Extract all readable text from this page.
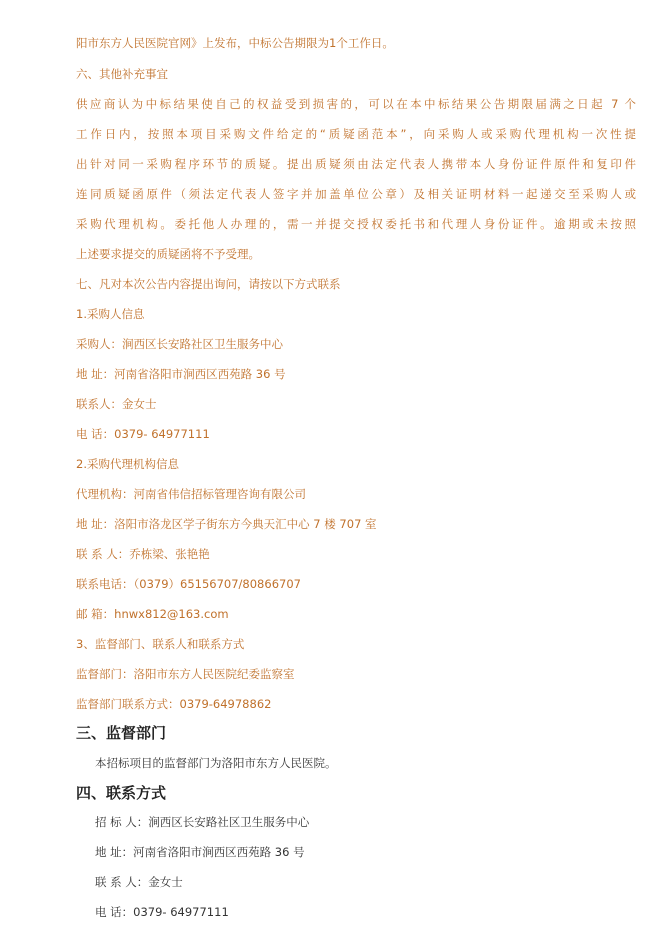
阳市东方人民医院官网》上发布，中标公告期限为1个工作日。
六、其他补充事宜
供应商认为中标结果使自己的权益受到损害的，可以在本中标结果公告期限届满之日起 7 个
工作日内，按照本项目采购文件给定的“质疑函范本”，向采购人或采购代理机构一次性提
出针对同一采购程序环节的质疑。提出质疑须由法定代表人携带本人身份证件原件和复印件
连同质疑函原件（须法定代表人签字并加盖单位公章）及相关证明材料一起递交至采购人或
采购代理机构。委托他人办理的，需一并提交授权委托书和代理人身份证件。逾期或未按照
上述要求提交的质疑函将不予受理。
七、凡对本次公告内容提出询问，请按以下方式联系
1.采购人信息
采购人：涧西区长安路社区卫生服务中心
地 址：河南省洛阳市涧西区西苑路 36 号
联系人：金女士
电 话：0379- 64977111
2.采购代理机构信息
代理机构：河南省伟信招标管理咨询有限公司
地 址：洛阳市洛龙区学子街东方今典天汇中心 7 楼 707 室
联 系 人：乔栋梁、张艳艳
联系电话：（0379）65156707/80866707
邮 箱：hnwx812@163.com
3、监督部门、联系人和联系方式
监督部门：洛阳市东方人民医院纪委监察室
监督部门联系方式：0379-64978862
三、监督部门
本招标项目的监督部门为洛阳市东方人民医院。
四、联系方式
招 标 人：涧西区长安路社区卫生服务中心
地 址：河南省洛阳市涧西区西苑路 36 号
联 系 人：金女士
电 话：0379- 64977111
